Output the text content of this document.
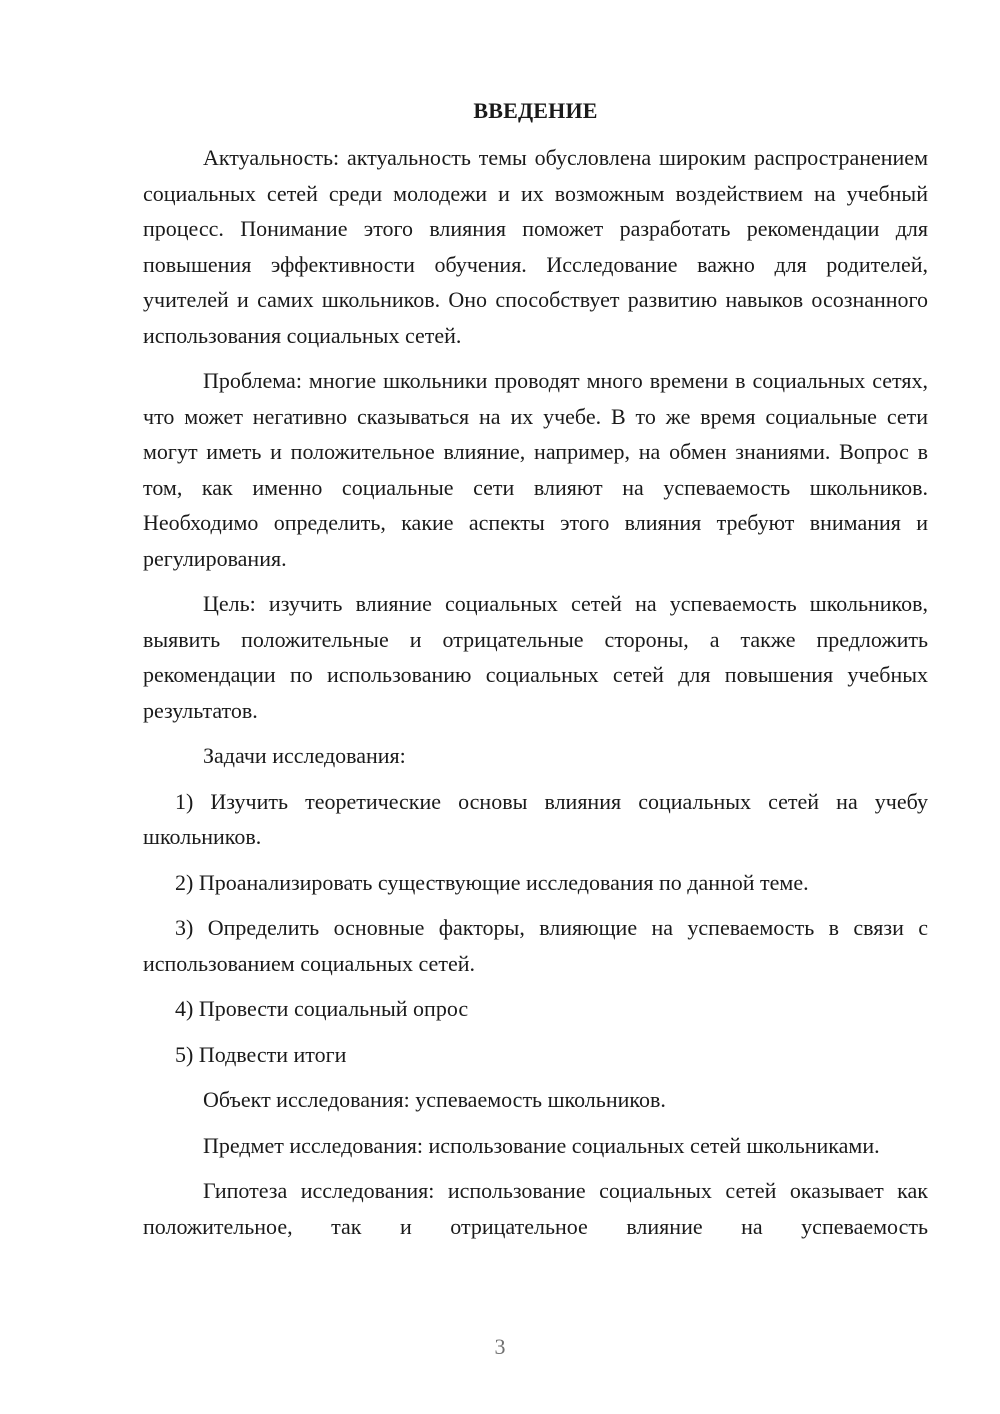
ВВЕДЕНИЕ

Актуальность: актуальность темы обусловлена широким распространением социальных сетей среди молодежи и их возможным воздействием на учебный процесс. Понимание этого влияния поможет разработать рекомендации для повышения эффективности обучения. Исследование важно для родителей, учителей и самих школьников. Оно способствует развитию навыков осознанного использования социальных сетей.

Проблема: многие школьники проводят много времени в социальных сетях, что может негативно сказываться на их учебе. В то же время социальные сети могут иметь и положительное влияние, например, на обмен знаниями. Вопрос в том, как именно социальные сети влияют на успеваемость школьников. Необходимо определить, какие аспекты этого влияния требуют внимания и регулирования.

Цель: изучить влияние социальных сетей на успеваемость школьников, выявить положительные и отрицательные стороны, а также предложить рекомендации по использованию социальных сетей для повышения учебных результатов.

Задачи исследования:

1) Изучить теоретические основы влияния социальных сетей на учебу школьников.

2) Проанализировать существующие исследования по данной теме.

3) Определить основные факторы, влияющие на успеваемость в связи с использованием социальных сетей.

4) Провести социальный опрос

5) Подвести итоги

Объект исследования: успеваемость школьников.

Предмет исследования: использование социальных сетей школьниками.

Гипотеза исследования: использование социальных сетей оказывает как положительное, так и отрицательное влияние на успеваемость

3
